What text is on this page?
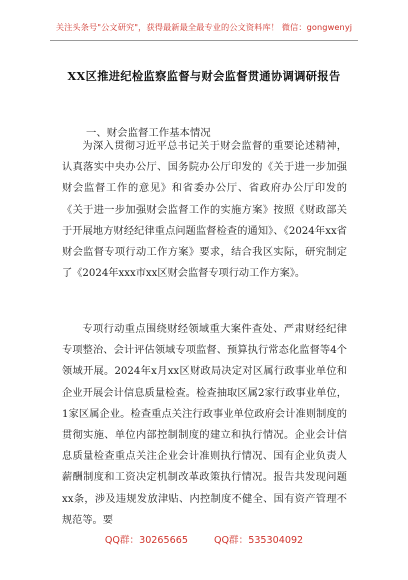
关注头条号"公文研究"，获得最新最全最专业的公文资料库！ 微信：gongwenyj
XX区推进纪检监察监督与财会监督贯通协调调研报告
一、财会监督工作基本情况
为深入贯彻习近平总书记关于财会监督的重要论述精神，认真落实中央办公厅、国务院办公厅印发的《关于进一步加强财会监督工作的意见》和省委办公厅、省政府办公厅印发的《关于进一步加强财会监督工作的实施方案》按照《财政部关于开展地方财经纪律重点问题监督检查的通知》、《2024年xx省财会监督专项行动工作方案》要求，结合我区实际，研究制定了《2024年xxx市xx区财会监督专项行动工作方案》。
专项行动重点围绕财经领域重大案件查处、严肃财经纪律专项整治、会计评估领域专项监督、预算执行常态化监督等4个领域开展。2024年x月xx区财政局决定对区属行政事业单位和企业开展会计信息质量检查。检查抽取区属2家行政事业单位，1家区属企业。检查重点关注行政事业单位政府会计准则制度的贯彻实施、单位内部控制制度的建立和执行情况。企业会计信息质量检查重点关注企业会计准则执行情况、国有企业负责人薪酬制度和工资决定机制改革政策执行情况。报告共发现问题xx条，涉及违规发放津贴、内控制度不健全、国有资产管理不规范等。要
QQ群：30265665	QQ群：535304092
